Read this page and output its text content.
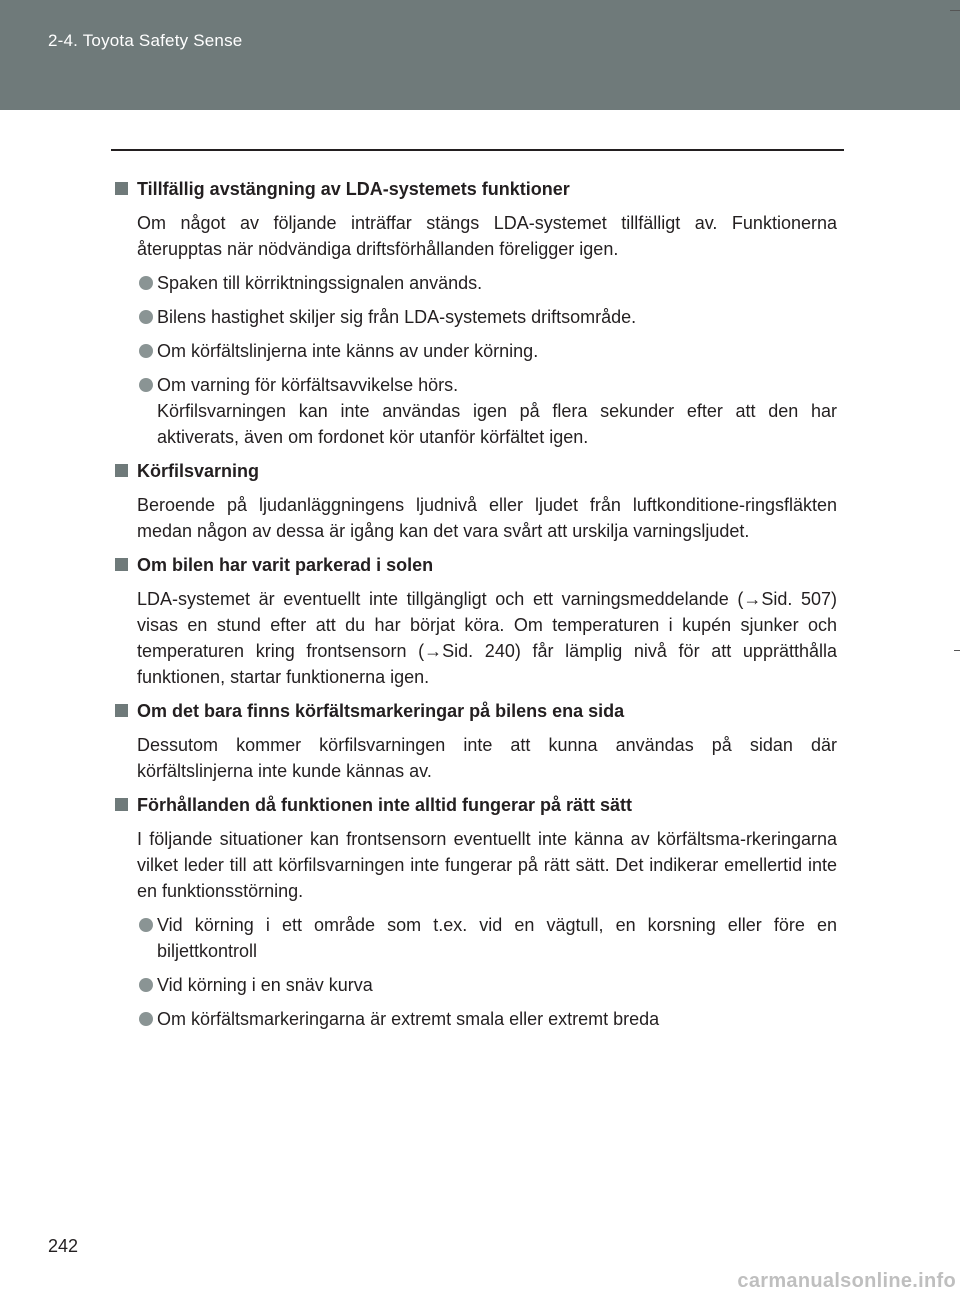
2-4. Toyota Safety Sense
Tillfällig avstängning av LDA-systemets funktioner
Om något av följande inträffar stängs LDA-systemet tillfälligt av. Funktionerna återupptas när nödvändiga driftsförhållanden föreligger igen.
Spaken till körriktningssignalen används.
Bilens hastighet skiljer sig från LDA-systemets driftsområde.
Om körfältslinjerna inte känns av under körning.
Om varning för körfältsavvikelse hörs.
Körfilsvarningen kan inte användas igen på flera sekunder efter att den har aktiverats, även om fordonet kör utanför körfältet igen.
Körfilsvarning
Beroende på ljudanläggningens ljudnivå eller ljudet från luftkonditione-ringsfläkten medan någon av dessa är igång kan det vara svårt att urskilja varningsljudet.
Om bilen har varit parkerad i solen
LDA-systemet är eventuellt inte tillgängligt och ett varningsmeddelande (→Sid. 507) visas en stund efter att du har börjat köra. Om temperaturen i kupén sjunker och temperaturen kring frontsensorn (→Sid. 240) får lämplig nivå för att upprätthålla funktionen, startar funktionerna igen.
Om det bara finns körfältsmarkeringar på bilens ena sida
Dessutom kommer körfilsvarningen inte att kunna användas på sidan där körfältslinjerna inte kunde kännas av.
Förhållanden då funktionen inte alltid fungerar på rätt sätt
I följande situationer kan frontsensorn eventuellt inte känna av körfältsma-rkeringarna vilket leder till att körfilsvarningen inte fungerar på rätt sätt. Det indikerar emellertid inte en funktionsstörning.
Vid körning i ett område som t.ex. vid en vägtull, en korsning eller före en biljettkontroll
Vid körning i en snäv kurva
Om körfältsmarkeringarna är extremt smala eller extremt breda
242
carmanualsonline.info
